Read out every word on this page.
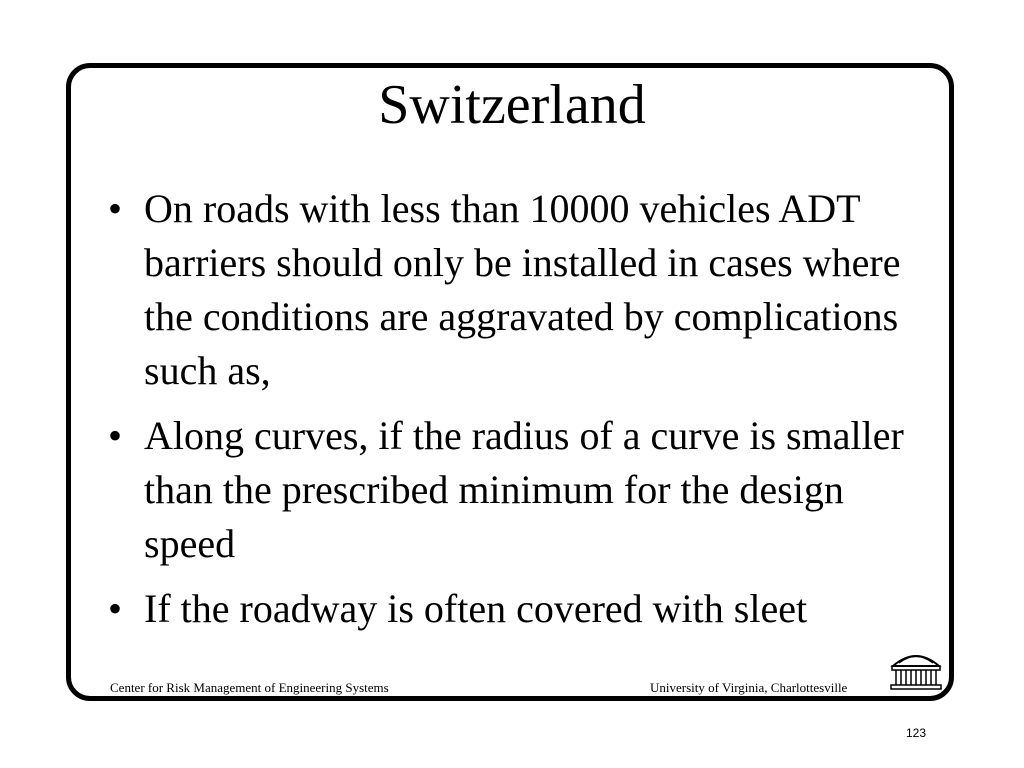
Switzerland
• On roads with less than 10000 vehicles ADT barriers should only be installed in cases where the conditions are aggravated by complications such as,
• Along curves, if the radius of a curve is smaller than the prescribed minimum for the design speed
• If the roadway is often covered with sleet
Center for Risk Management of Engineering Systems	University of Virginia, Charlottesville
123
